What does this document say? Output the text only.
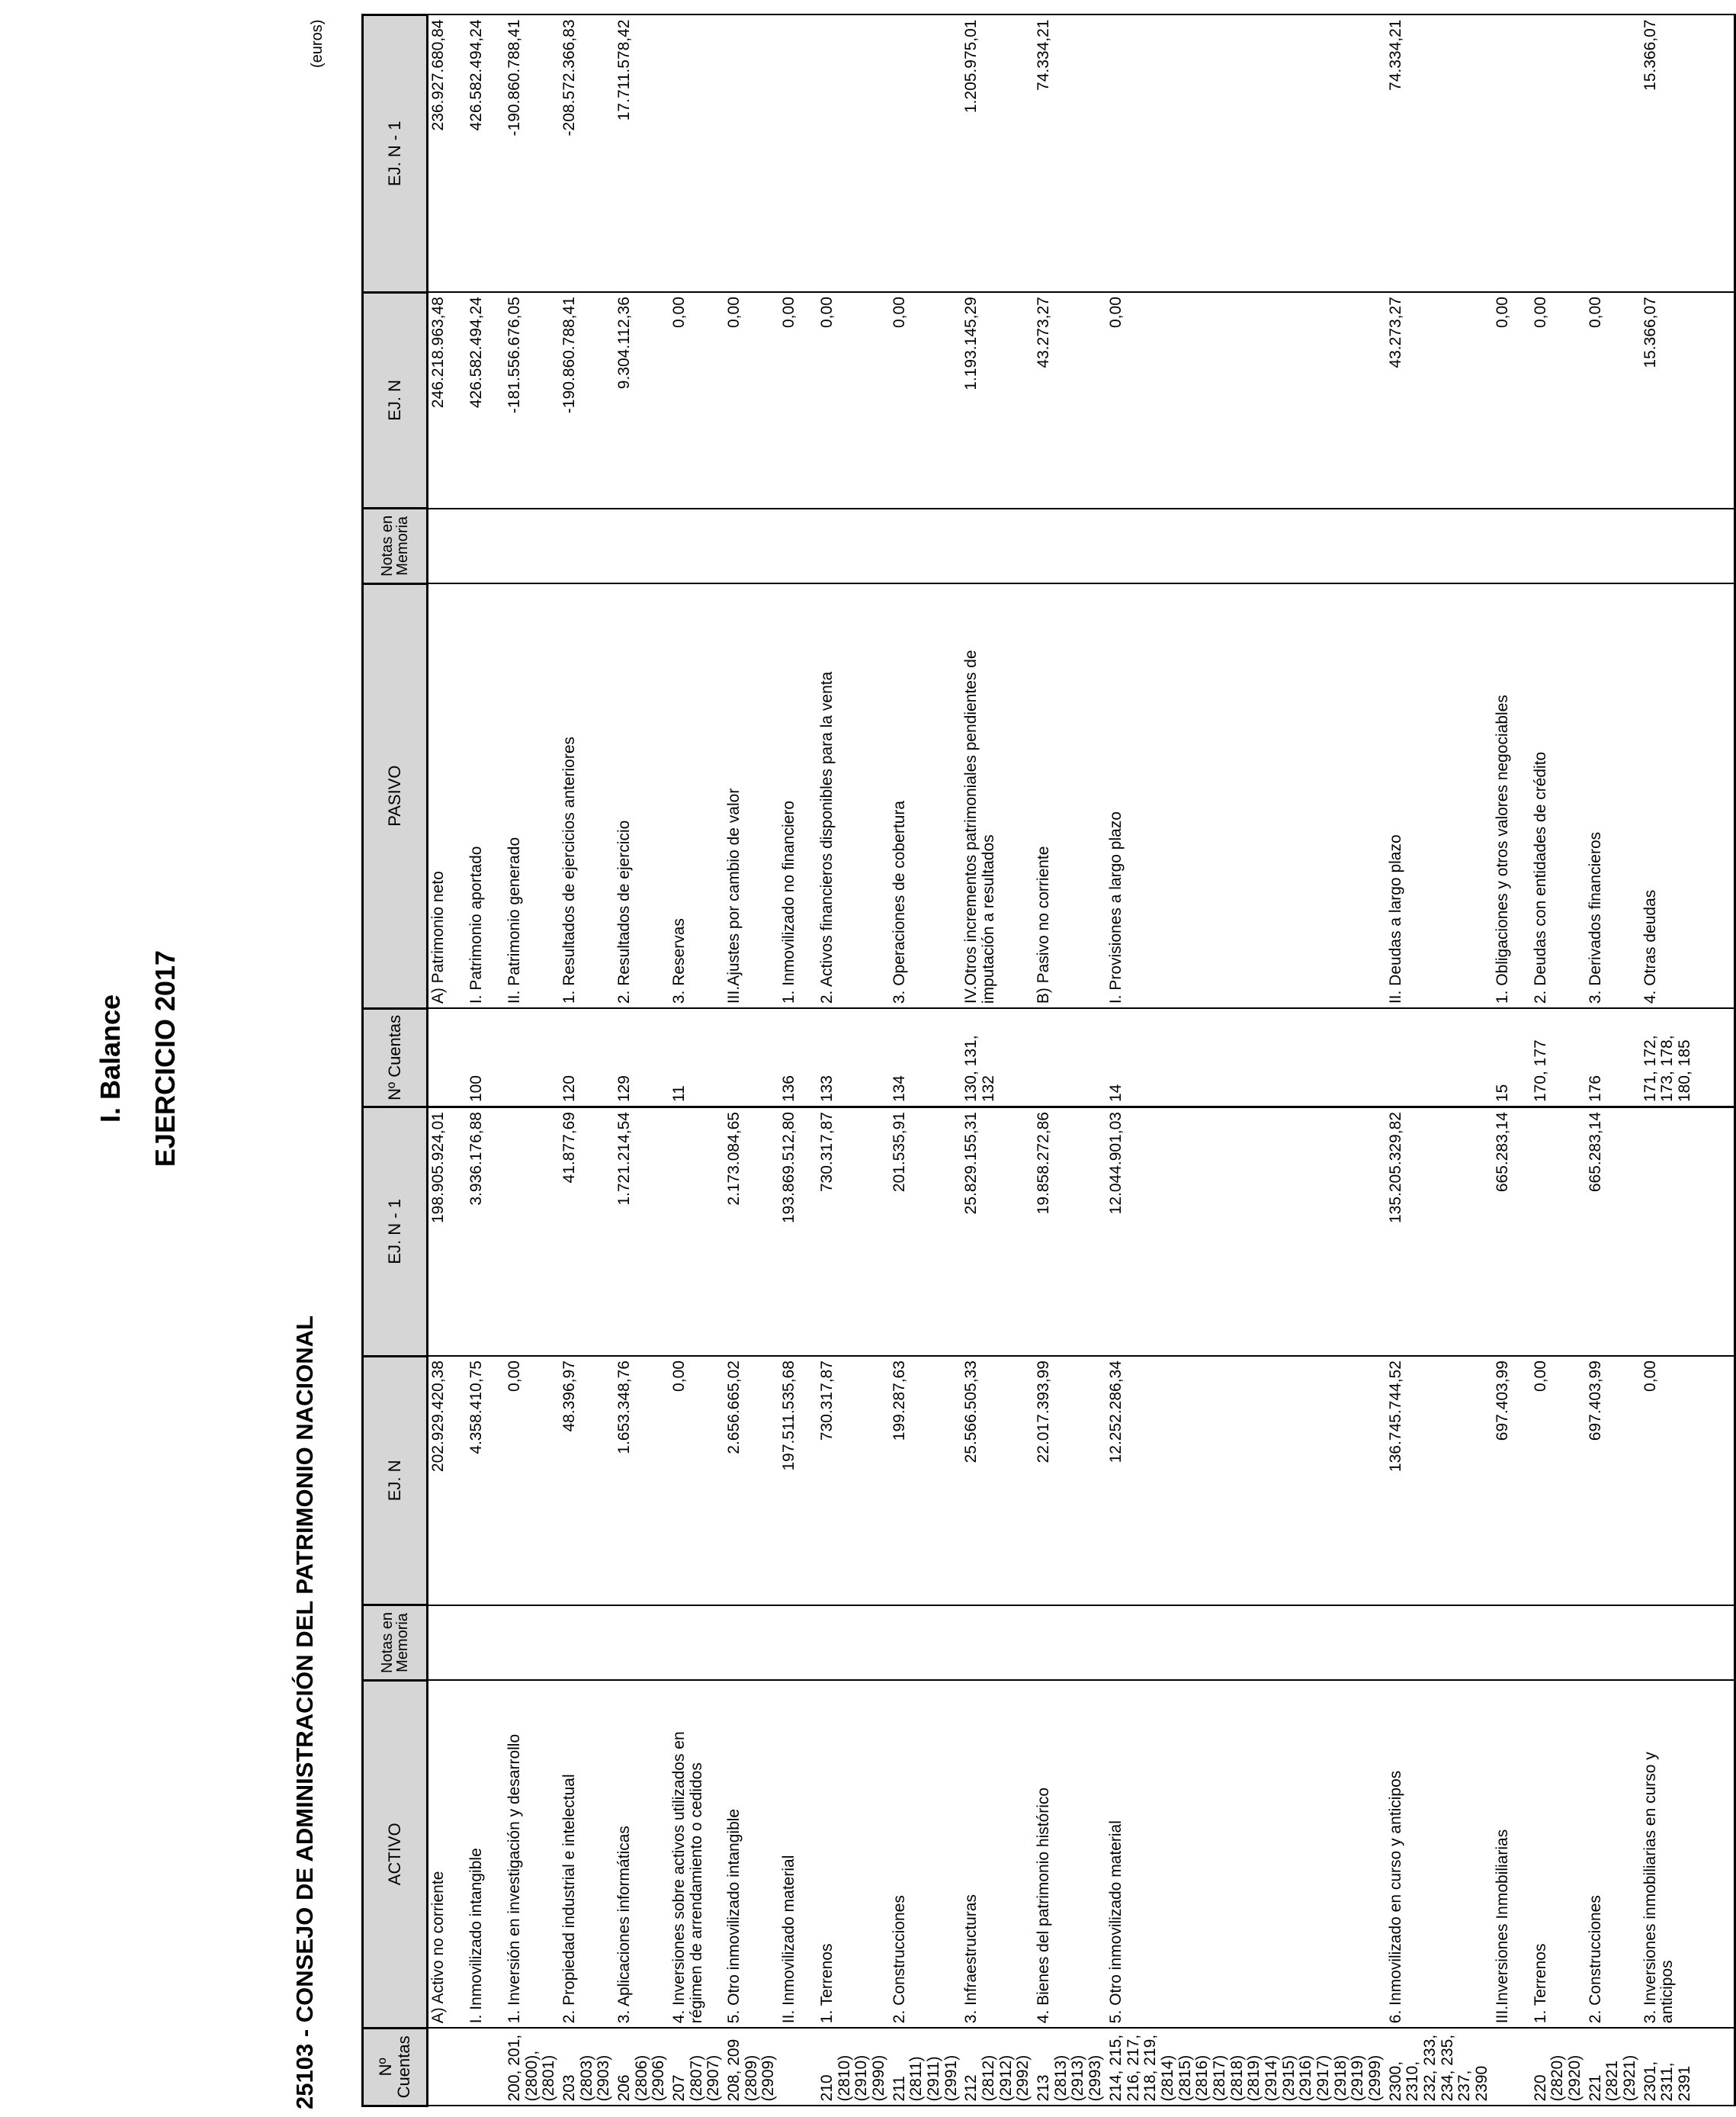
I. Balance EJERCICIO 2017
25103 - CONSEJO DE ADMINISTRACIÓN DEL PATRIMONIO NACIONAL
(euros)
Nº Cuentas	ACTIVO	Notas en Memoria	EJ. N	EJ. N - 1	Nº Cuentas	PASIVO	Notas en Memoria	EJ. N	EJ. N - 1
	A) Activo no corriente		202.929.420,38	198.905.924,01		A) Patrimonio neto		246.218.963,48	236.927.680,84
	I. Inmovilizado intangible		4.358.410,75	3.936.176,88	100	I. Patrimonio aportado		426.582.494,24	426.582.494,24
200, 201, (2800), (2801)	1. Inversión en investigación y desarrollo		0,00			II. Patrimonio generado		-181.556.676,05	-190.860.788,41
203 (2803) (2903)	2. Propiedad industrial e intelectual		48.396,97	41.877,69	120	1. Resultados de ejercicios anteriores		-190.860.788,41	-208.572.366,83
206 (2806) (2906)	3. Aplicaciones informáticas		1.653.348,76	1.721.214,54	129	2. Resultados de ejercicio		9.304.112,36	17.711.578,42
207 (2807) (2907)	4. Inversiones sobre activos utilizados en régimen de arrendamiento o cedidos		0,00		11	3. Reservas		0,00	
208, 209 (2809) (2909)	5. Otro inmovilizado intangible		2.656.665,02	2.173.084,65		III.Ajustes por cambio de valor		0,00	
	II. Inmovilizado material		197.511.535,68	193.869.512,80	136	1. Inmovilizado no financiero		0,00	
210 (2810) (2910) (2990)	1. Terrenos		730.317,87	730.317,87	133	2. Activos financieros disponibles para la venta		0,00	
211 (2811) (2911) (2991)	2. Construcciones		199.287,63	201.535,91	134	3. Operaciones de cobertura		0,00	
212 (2812) (2912) (2992)	3. Infraestructuras		25.566.505,33	25.829.155,31	130, 131, 132	IV.Otros incrementos patrimoniales pendientes de imputación a resultados		1.193.145,29	1.205.975,01
213 (2813) (2913) (2993)	4. Bienes del patrimonio histórico		22.017.393,99	19.858.272,86		B) Pasivo no corriente		43.273,27	74.334,21
214, 215, 216, 217, 218, 219, (2814) (2815) (2816) (2817) (2818) (2819) (2914) (2915) (2916) (2917) (2918) (2919) (2999)	5. Otro inmovilizado material		12.252.286,34	12.044.901,03	14	I. Provisiones a largo plazo		0,00	
2300, 2310, 232, 233, 234, 235, 237, 2390	6. Inmovilizado en curso y anticipos		136.745.744,52	135.205.329,82		II. Deudas a largo plazo		43.273,27	74.334,21
	III.Inversiones Inmobiliarias		697.403,99	665.283,14	15	1. Obligaciones y otros valores negociables		0,00	
220 (2820) (2920)	1. Terrenos		0,00		170, 177	2. Deudas con entidades de crédito		0,00	
221 (2821 (2921)	2. Construcciones		697.403,99	665.283,14	176	3. Derivados financieros		0,00	
2301, 2311, 2391	3. Inversiones inmobiliarias en curso y anticipos		0,00		171, 172, 173, 178, 180, 185	4. Otras deudas		15.366,07	15.366,07
